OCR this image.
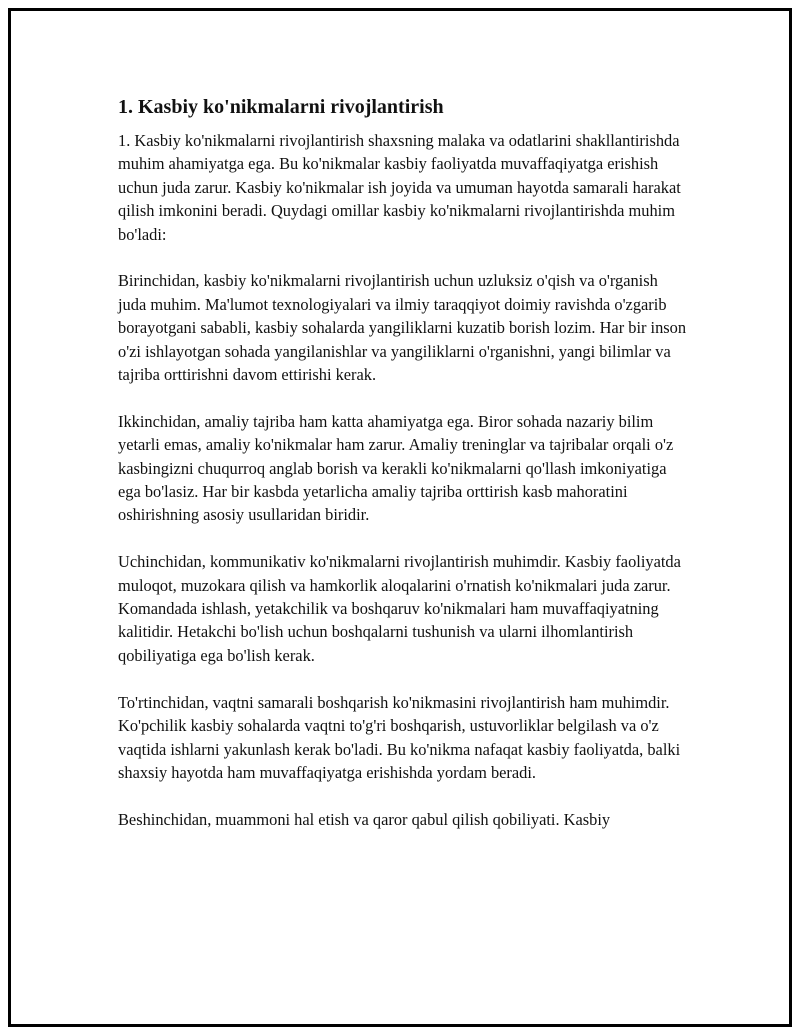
1. Kasbiy ko'nikmalarni rivojlantirish

1. Kasbiy ko'nikmalarni rivojlantirish shaxsning malaka va odatlarini shakllantirishda muhim ahamiyatga ega. Bu ko'nikmalar kasbiy faoliyatda muvaffaqiyatga erishish uchun juda zarur. Kasbiy ko'nikmalar ish joyida va umuman hayotda samarali harakat qilish imkonini beradi. Quydagi omillar kasbiy ko'nikmalarni rivojlantirishda muhim bo'ladi:

Birinchidan, kasbiy ko'nikmalarni rivojlantirish uchun uzluksiz o'qish va o'rganish juda muhim. Ma'lumot texnologiyalari va ilmiy taraqqiyot doimiy ravishda o'zgarib borayotgani sababli, kasbiy sohalarda yangiliklarni kuzatib borish lozim. Har bir inson o'zi ishlayotgan sohada yangilanishlar va yangiliklarni o'rganishni, yangi bilimlar va tajriba orttirishni davom ettirishi kerak.

Ikkinchidan, amaliy tajriba ham katta ahamiyatga ega. Biror sohada nazariy bilim yetarli emas, amaliy ko'nikmalar ham zarur. Amaliy treninglar va tajribalar orqali o'z kasbingizni chuqurroq anglab borish va kerakli ko'nikmalarni qo'llash imkoniyatiga ega bo'lasiz. Har bir kasbda yetarlicha amaliy tajriba orttirish kasb mahoratini oshirishning asosiy usullaridan biridir.

Uchinchidan, kommunikativ ko'nikmalarni rivojlantirish muhimdir. Kasbiy faoliyatda muloqot, muzokara qilish va hamkorlik aloqalarini o'rnatish ko'nikmalari juda zarur. Komandada ishlash, yetakchilik va boshqaruv ko'nikmalari ham muvaffaqiyatning kalitidir. Hetakchi bo'lish uchun boshqalarni tushunish va ularni ilhomlantirish qobiliyatiga ega bo'lish kerak.

To'rtinchidan, vaqtni samarali boshqarish ko'nikmasini rivojlantirish ham muhimdir. Ko'pchilik kasbiy sohalarda vaqtni to'g'ri boshqarish, ustuvorliklar belgilash va o'z vaqtida ishlarni yakunlash kerak bo'ladi. Bu ko'nikma nafaqat kasbiy faoliyatda, balki shaxsiy hayotda ham muvaffaqiyatga erishishda yordam beradi.

Beshinchidan, muammoni hal etish va qaror qabul qilish qobiliyati. Kasbiy
